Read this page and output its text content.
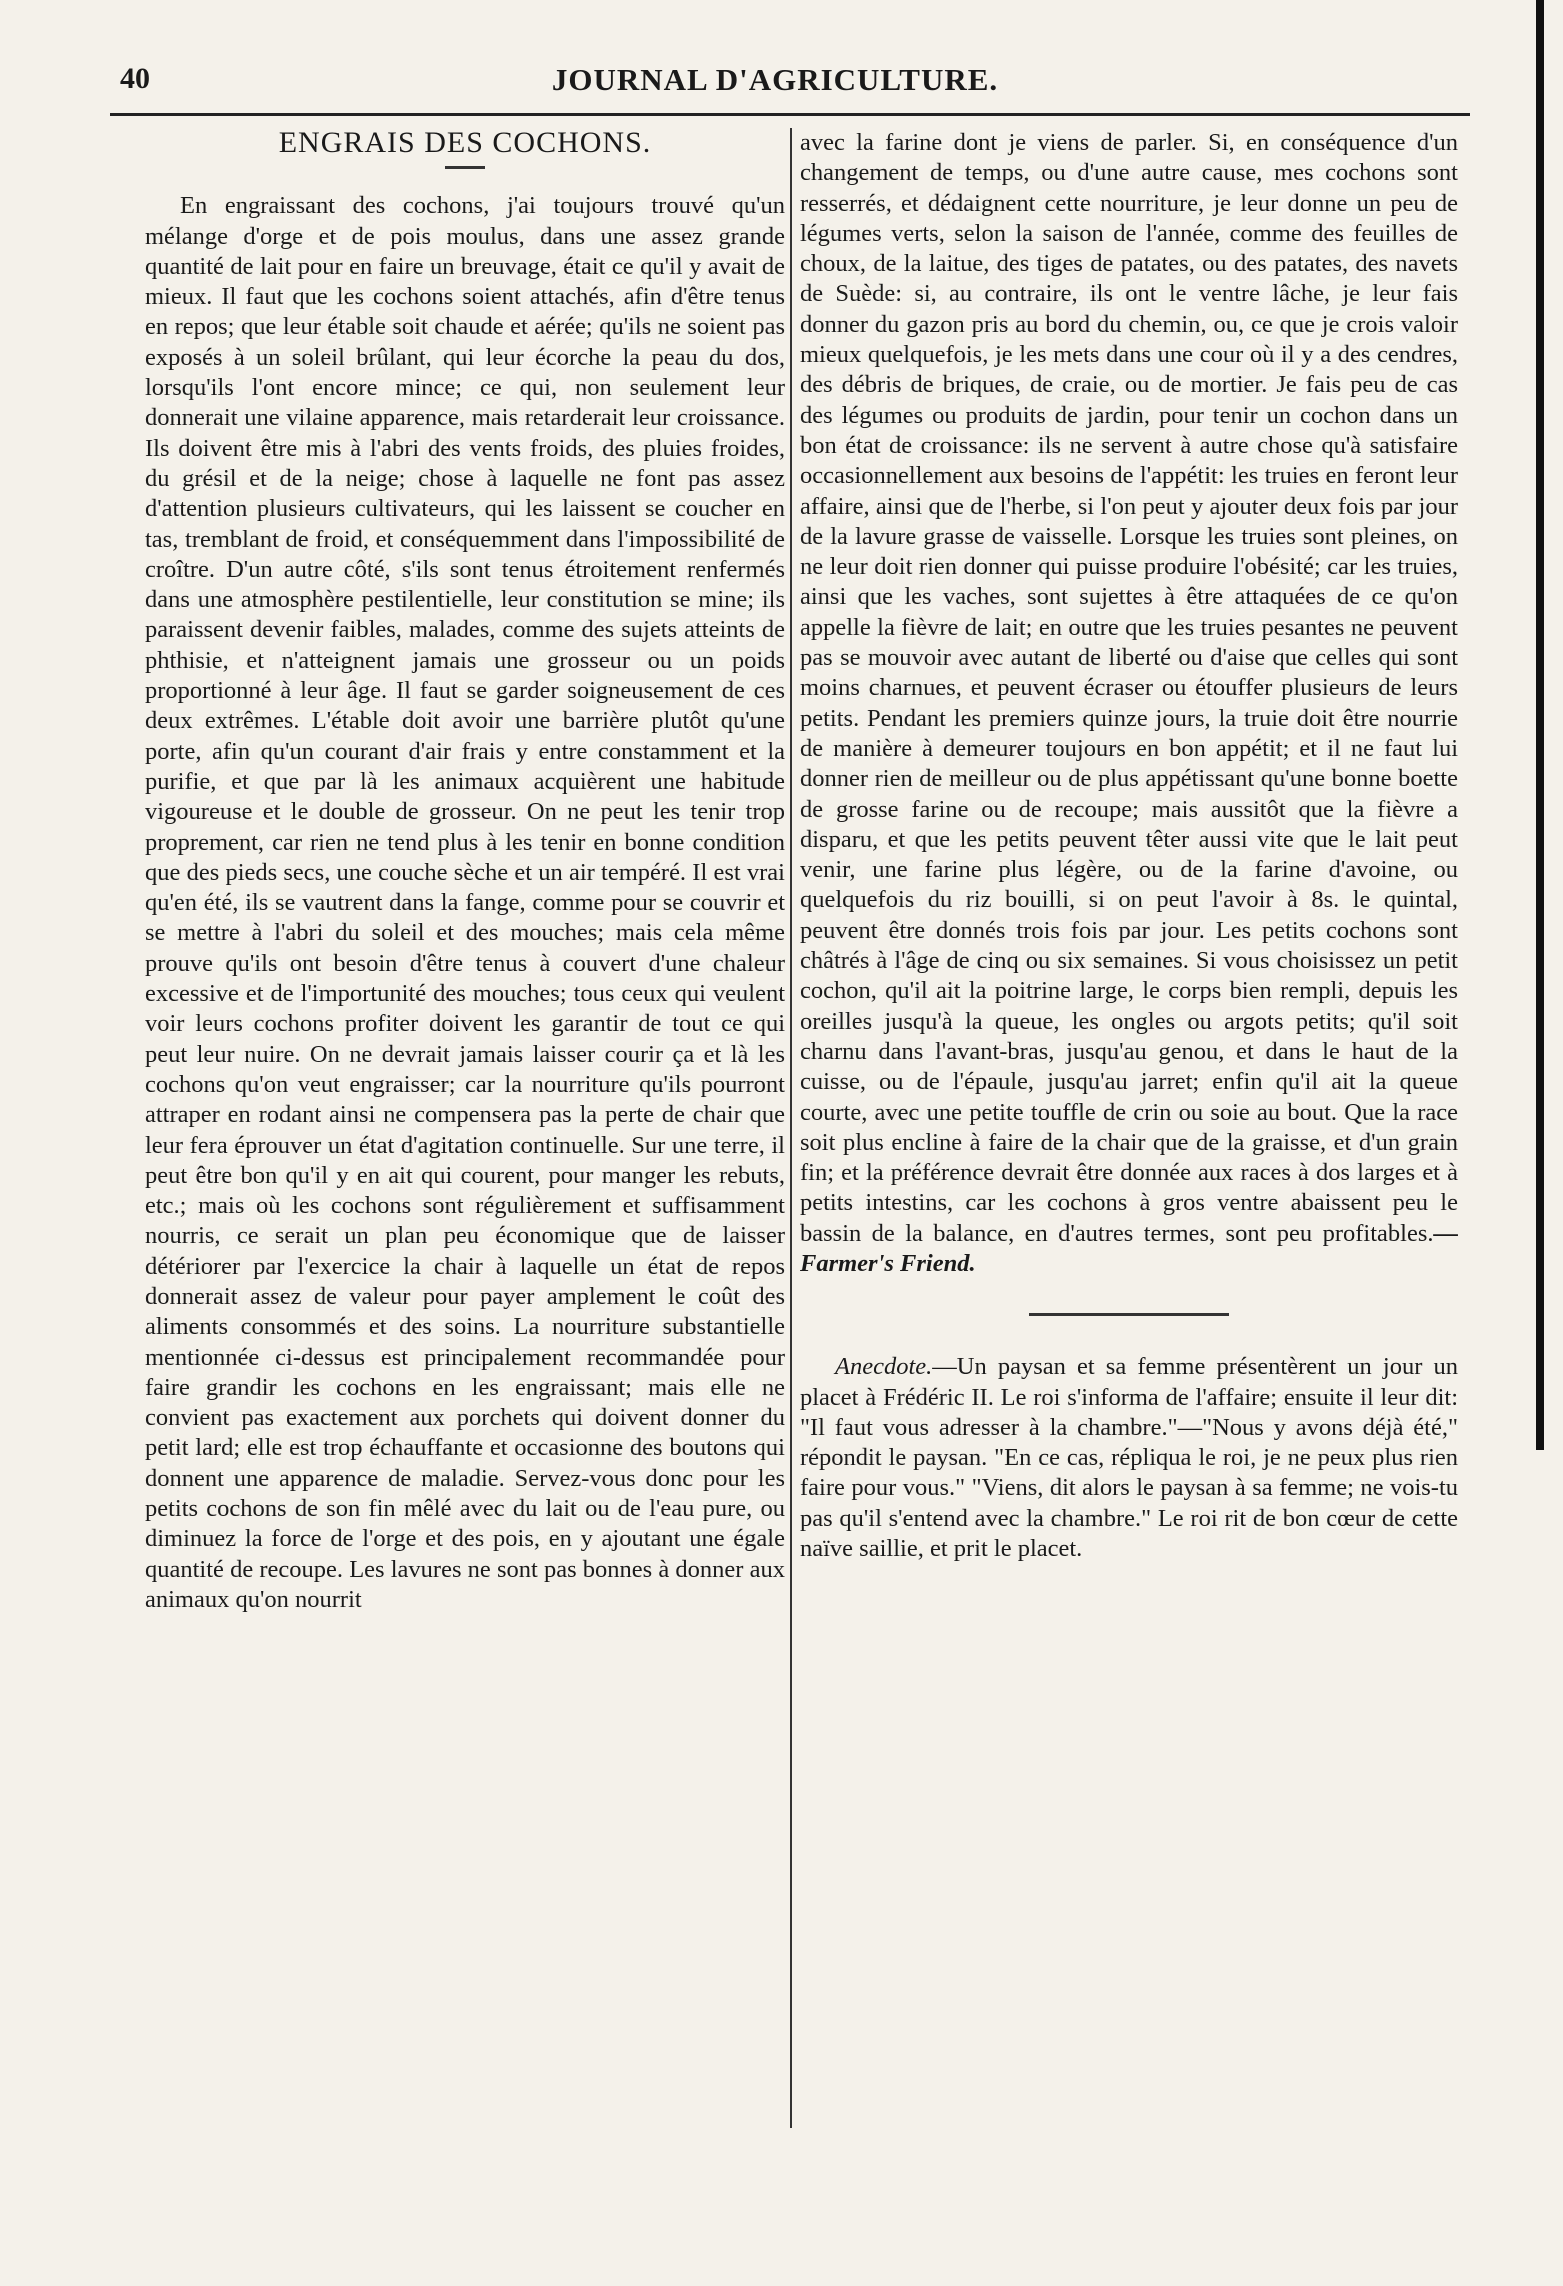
40	JOURNAL D'AGRICULTURE.
ENGRAIS DES COCHONS.

En engraissant des cochons, j'ai toujours trouvé qu'un mélange d'orge et de pois moulus, dans une assez grande quantité de lait pour en faire un breuvage, était ce qu'il y avait de mieux. Il faut que les cochons soient attachés, afin d'être tenus en repos; que leur étable soit chaude et aérée; qu'ils ne soient pas exposés à un soleil brûlant, qui leur écorche la peau du dos, lorsqu'ils l'ont encore mince; ce qui, non seulement leur donnerait une vilaine apparence, mais retarderait leur croissance. Ils doivent être mis à l'abri des vents froids, des pluies froides, du grésil et de la neige; chose à laquelle ne font pas assez d'attention plusieurs cultivateurs, qui les laissent se coucher en tas, tremblant de froid, et conséquemment dans l'impossibilité de croître. D'un autre côté, s'ils sont tenus étroitement renfermés dans une atmosphère pestilentielle, leur constitution se mine; ils paraissent devenir faibles, malades, comme des sujets atteints de phthisie, et n'atteignent jamais une grosseur ou un poids proportionné à leur âge. Il faut se garder soigneusement de ces deux extrêmes. L'étable doit avoir une barrière plutôt qu'une porte, afin qu'un courant d'air frais y entre constamment et la purifie, et que par là les animaux acquièrent une habitude vigoureuse et le double de grosseur. On ne peut les tenir trop proprement, car rien ne tend plus à les tenir en bonne condition que des pieds secs, une couche sèche et un air tempéré. Il est vrai qu'en été, ils se vautrent dans la fange, comme pour se couvrir et se mettre à l'abri du soleil et des mouches; mais cela même prouve qu'ils ont besoin d'être tenus à couvert d'une chaleur excessive et de l'importunité des mouches; tous ceux qui veulent voir leurs cochons profiter doivent les garantir de tout ce qui peut leur nuire. On ne devrait jamais laisser courir ça et là les cochons qu'on veut engraisser; car la nourriture qu'ils pourront attraper en rodant ainsi ne compensera pas la perte de chair que leur fera éprouver un état d'agitation continuelle. Sur une terre, il peut être bon qu'il y en ait qui courent, pour manger les rebuts, etc.; mais où les cochons sont régulièrement et suffisamment nourris, ce serait un plan peu économique que de laisser détériorer par l'exercice la chair à laquelle un état de repos donnerait assez de valeur pour payer amplement le coût des aliments consommés et des soins. La nourriture substantielle mentionnée ci-dessus est principalement recommandée pour faire grandir les cochons en les engraissant; mais elle ne convient pas exactement aux porchets qui doivent donner du petit lard; elle est trop échauffante et occasionne des boutons qui donnent une apparence de maladie. Servez-vous donc pour les petits cochons de son fin mêlé avec du lait ou de l'eau pure, ou diminuez la force de l'orge et des pois, en y ajoutant une égale quantité de recoupe. Les lavures ne sont pas bonnes à donner aux animaux qu'on nourrit

avec la farine dont je viens de parler. Si, en conséquence d'un changement de temps, ou d'une autre cause, mes cochons sont resserrés, et dédaignent cette nourriture, je leur donne un peu de légumes verts, selon la saison de l'année, comme des feuilles de choux, de la laitue, des tiges de patates, ou des patates, des navets de Suède: si, au contraire, ils ont le ventre lâche, je leur fais donner du gazon pris au bord du chemin, ou, ce que je crois valoir mieux quelquefois, je les mets dans une cour où il y a des cendres, des débris de briques, de craie, ou de mortier. Je fais peu de cas des légumes ou produits de jardin, pour tenir un cochon dans un bon état de croissance: ils ne servent à autre chose qu'à satisfaire occasionnellement aux besoins de l'appétit: les truies en feront leur affaire, ainsi que de l'herbe, si l'on peut y ajouter deux fois par jour de la lavure grasse de vaisselle. Lorsque les truies sont pleines, on ne leur doit rien donner qui puisse produire l'obésité; car les truies, ainsi que les vaches, sont sujettes à être attaquées de ce qu'on appelle la fièvre de lait; en outre que les truies pesantes ne peuvent pas se mouvoir avec autant de liberté ou d'aise que celles qui sont moins charnues, et peuvent écraser ou étouffer plusieurs de leurs petits. Pendant les premiers quinze jours, la truie doit être nourrie de manière à demeurer toujours en bon appétit; et il ne faut lui donner rien de meilleur ou de plus appétissant qu'une bonne boette de grosse farine ou de recoupe; mais aussitôt que la fièvre a disparu, et que les petits peuvent têter aussi vite que le lait peut venir, une farine plus légère, ou de la farine d'avoine, ou quelquefois du riz bouilli, si on peut l'avoir à 8s. le quintal, peuvent être donnés trois fois par jour. Les petits cochons sont châtrés à l'âge de cinq ou six semaines. Si vous choisissez un petit cochon, qu'il ait la poitrine large, le corps bien rempli, depuis les oreilles jusqu'à la queue, les ongles ou argots petits; qu'il soit charnu dans l'avant-bras, jusqu'au genou, et dans le haut de la cuisse, ou de l'épaule, jusqu'au jarret; enfin qu'il ait la queue courte, avec une petite touffle de crin ou soie au bout. Que la race soit plus encline à faire de la chair que de la graisse, et d'un grain fin; et la préférence devrait être donnée aux races à dos larges et à petits intestins, car les cochons à gros ventre abaissent peu le bassin de la balance, en d'autres termes, sont peu profitables.—Farmer's Friend.

Anecdote.—Un paysan et sa femme présentèrent un jour un placet à Frédéric II. Le roi s'informa de l'affaire; ensuite il leur dit: "Il faut vous adresser à la chambre."—"Nous y avons déjà été," répondit le paysan. "En ce cas, répliqua le roi, je ne peux plus rien faire pour vous." "Viens, dit alors le paysan à sa femme; ne vois-tu pas qu'il s'entend avec la chambre." Le roi rit de bon cœur de cette naïve saillie, et prit le placet.
